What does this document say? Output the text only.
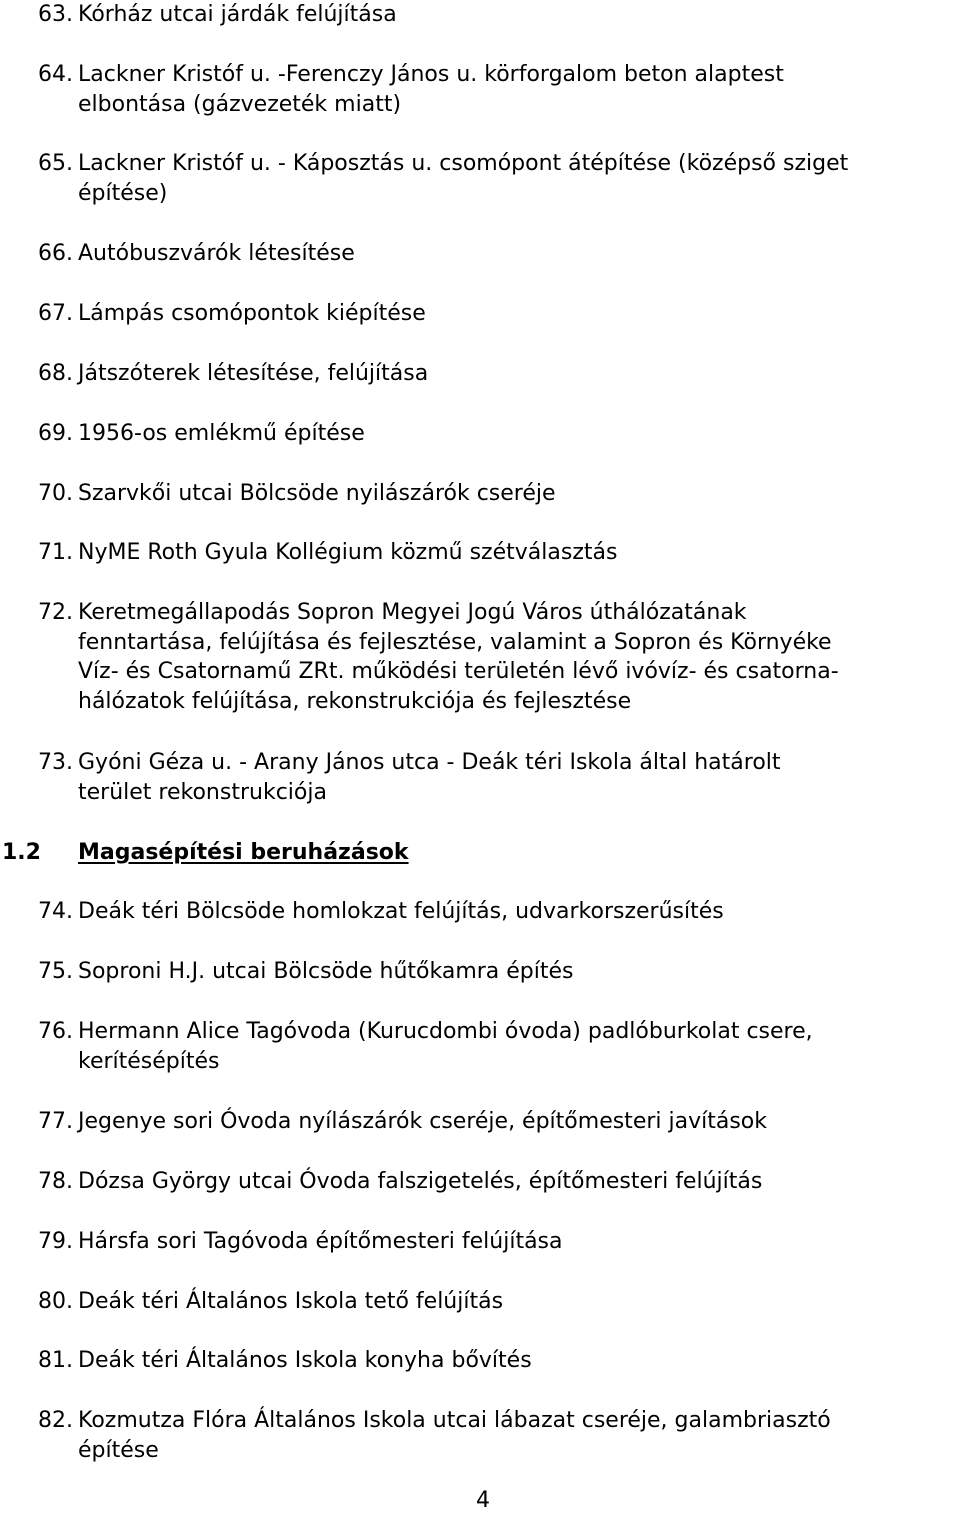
63. Kórház utcai járdák felújítása
64. Lackner Kristóf u. -Ferenczy János u. körforgalom beton alaptest
elbontása (gázvezeték miatt)
65. Lackner Kristóf u. - Káposztás u. csomópont átépítése (középső sziget
építése)
66. Autóbuszvárók létesítése
67. Lámpás csomópontok kiépítése
68. Játszóterek létesítése, felújítása
69. 1956-os emlékmű építése
70. Szarvkői utcai Bölcsöde nyilászárók cseréje
71. NyME Roth Gyula Kollégium közmű szétválasztás
72. Keretmegállapodás Sopron Megyei Jogú Város úthálózatának
fenntartása, felújítása és fejlesztése, valamint a Sopron és Környéke
Víz- és Csatornamű ZRt. működési területén lévő ivóvíz- és csatorna-
hálózatok felújítása, rekonstrukciója és fejlesztése
73. Gyóni Géza u. - Arany János utca - Deák téri Iskola által határolt
terület rekonstrukciója
1.2 Magasépítési beruházások
74. Deák téri Bölcsöde homlokzat felújítás, udvarkorszerűsítés
75. Soproni H.J. utcai Bölcsöde hűtőkamra építés
76. Hermann Alice Tagóvoda (Kurucdombi óvoda) padlóburkolat csere,
kerítésépítés
77. Jegenye sori Óvoda nyílászárók cseréje, építőmesteri javítások
78. Dózsa György utcai Óvoda falszigetelés, építőmesteri felújítás
79. Hársfa sori Tagóvoda építőmesteri felújítása
80. Deák téri Általános Iskola tető felújítás
81. Deák téri Általános Iskola konyha bővítés
82. Kozmutza Flóra Általános Iskola utcai lábazat cseréje, galambriasztó
építése
4
